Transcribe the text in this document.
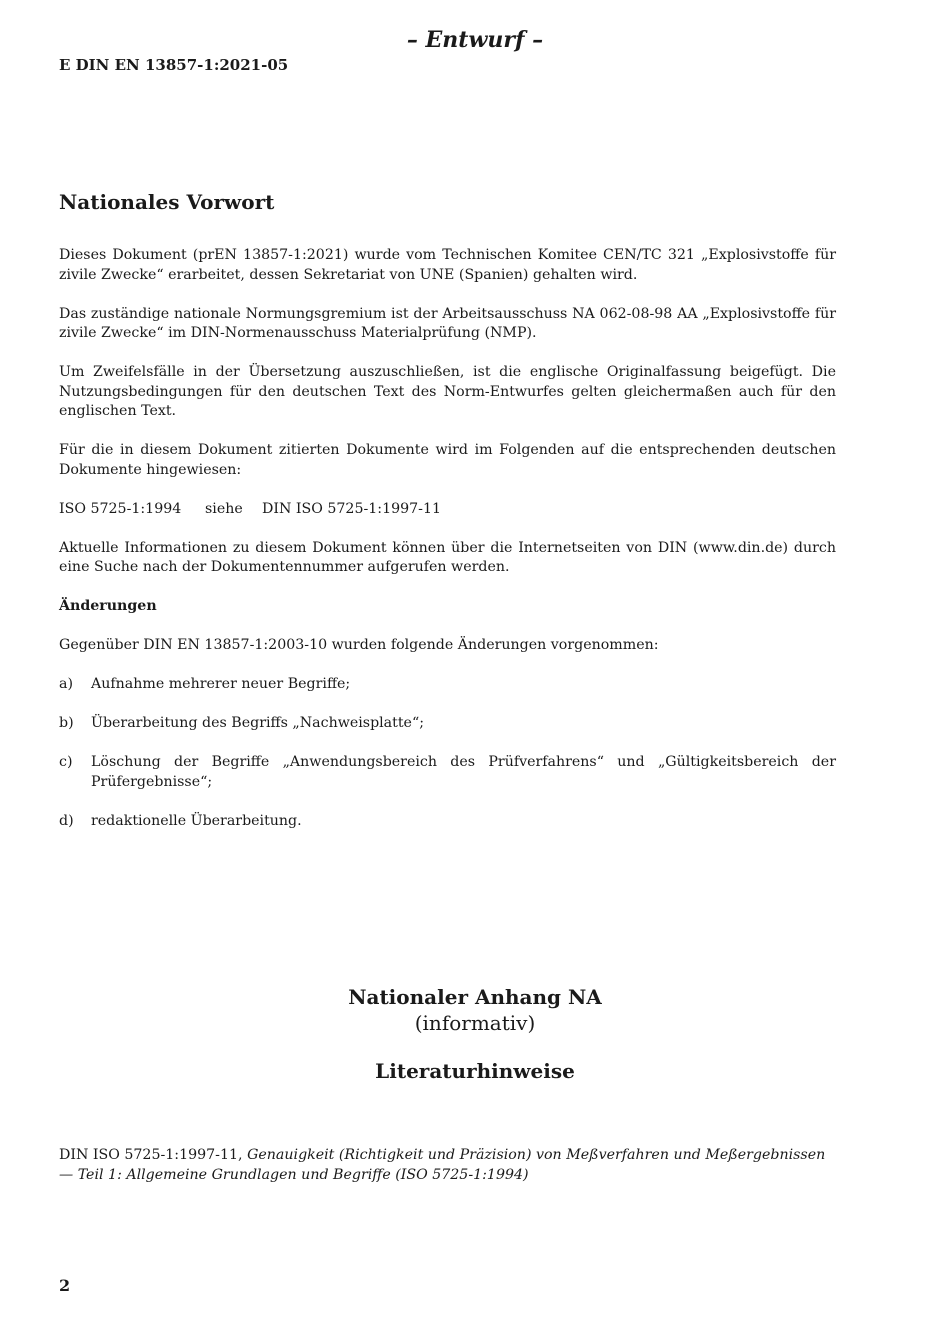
– Entwurf –
E DIN EN 13857-1:2021-05
Nationales Vorwort

Dieses Dokument (prEN 13857-1:2021) wurde vom Technischen Komitee CEN/TC 321 „Explosivstoffe für zivile Zwecke“ erarbeitet, dessen Sekretariat von UNE (Spanien) gehalten wird.

Das zuständige nationale Normungsgremium ist der Arbeitsausschuss NA 062-08-98 AA „Explosivstoffe für zivile Zwecke“ im DIN-Normenausschuss Materialprüfung (NMP).

Um Zweifelsfälle in der Übersetzung auszuschließen, ist die englische Originalfassung beigefügt. Die Nutzungsbedingungen für den deutschen Text des Norm-Entwurfes gelten gleichermaßen auch für den englischen Text.

Für die in diesem Dokument zitierten Dokumente wird im Folgenden auf die entsprechenden deutschen Dokumente hingewiesen:

ISO 5725-1:1994	siehe	DIN ISO 5725-1:1997-11

Aktuelle Informationen zu diesem Dokument können über die Internetseiten von DIN (www.din.de) durch eine Suche nach der Dokumentennummer aufgerufen werden.

Änderungen

Gegenüber DIN EN 13857-1:2003-10 wurden folgende Änderungen vorgenommen:

a)	Aufnahme mehrerer neuer Begriffe;
b)	Überarbeitung des Begriffs „Nachweisplatte“;
c)	Löschung der Begriffe „Anwendungsbereich des Prüfverfahrens“ und „Gültigkeitsbereich der Prüfergebnisse“;
d)	redaktionelle Überarbeitung.
Nationaler Anhang NA
(informativ)
Literaturhinweise
DIN ISO 5725-1:1997-11, Genauigkeit (Richtigkeit und Präzision) von Meßverfahren und Meßergebnissen — Teil 1: Allgemeine Grundlagen und Begriffe (ISO 5725-1:1994)
2
